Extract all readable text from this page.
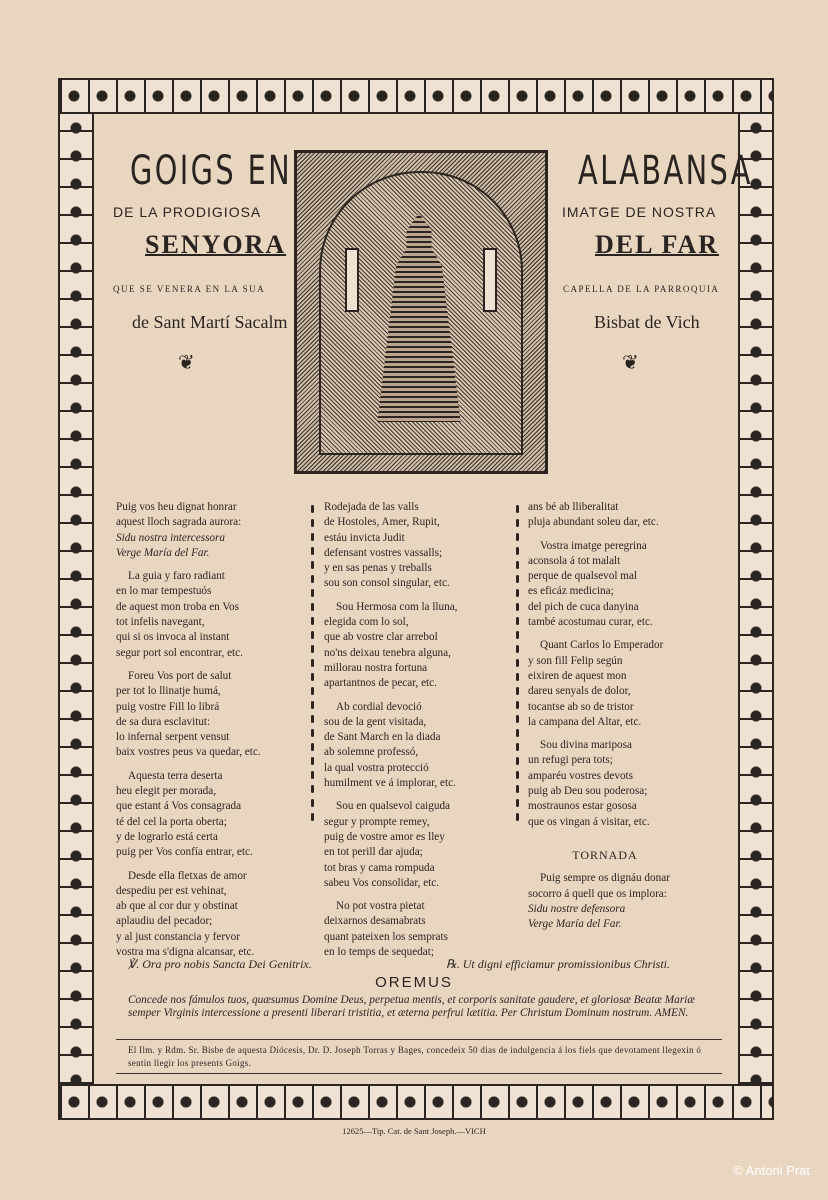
GOIGS EN	ALABANSA
DE LA PRODIGIOSA	IMATGE DE NOSTRA
SENYORA	DEL FAR
QUE SE VENERA EN LA SUA	CAPELLA DE LA PARROQUIA
de Sant Martí Sacalm	Bisbat de Vich
❦	❦

Puig vos heu dignat honrar

aquest lloch sagrada aurora:

Sidu nostra intercessora

Verge María del Far.

La guia y faro radiant

en lo mar tempestuós

de aquest mon troba en Vos

tot infelis navegant,

qui si os invoca al instant

segur port sol encontrar, etc.

Foreu Vos port de salut

per tot lo llinatje humá,

puig vostre Fill lo librá

de sa dura esclavitut:

lo infernal serpent vensut

baix vostres peus va quedar, etc.

Aquesta terra deserta

heu elegit per morada,

que estant á Vos consagrada

té del cel la porta oberta;

y de lograrlo está certa

puig per Vos confía entrar, etc.

Desde ella fletxas de amor

despediu per est vehinat,

ab que al cor dur y obstinat

aplaudiu del pecador;

y al just constancia y fervor

vostra ma s'digna alcansar, etc.

Rodejada de las valls

de Hostoles, Amer, Rupit,

estáu invicta Judit

defensant vostres vassalls;

y en sas penas y treballs

sou son consol singular, etc.

Sou Hermosa com la lluna,

elegida com lo sol,

que ab vostre clar arrebol

no'ns deixau tenebra alguna,

millorau nostra fortuna

apartantnos de pecar, etc.

Ab cordial devoció

sou de la gent visitada,

de Sant March en la diada

ab solemne professó,

la qual vostra protecció

humilment ve á implorar, etc.

Sou en qualsevol caiguda

segur y prompte remey,

puig de vostre amor es lley

en tot perill dar ajuda;

tot bras y cama rompuda

sabeu Vos consolidar, etc.

No pot vostra pietat

deixarnos desamabrats

quant pateixen los semprats

en lo temps de sequedat;

ans bé ab lliberalitat

pluja abundant soleu dar, etc.

Vostra imatge peregrina

aconsola á tot malalt

perque de qualsevol mal

es eficáz medicina;

del pich de cuca danyina

també acostumau curar, etc.

Quant Carlos lo Emperador

y son fill Felip según

eixiren de aquest mon

dareu senyals de dolor,

tocantse ab so de tristor

la campana del Altar, etc.

Sou divina mariposa

un refugi pera tots;

amparéu vostres devots

puig ab Deu sou poderosa;

mostraunos estar gososa

que os vingan á visitar, etc.

TORNADA

Puig sempre os dignáu donar

socorro á quell que os implora:

Sidu nostre defensora

Verge María del Far.

℣. Ora pro nobis Sancta Dei Genitrix.	℞. Ut digni efficiamur promissionibus Christi.
OREMUS
Concede nos fámulos tuos, quæsumus Domine Deus, perpetua mentis, et corporis sanitate gaudere, et gloriosæ Beatæ Mariæ semper Virginis intercessione a presenti liberari tristitia, et æterna perfrui lætitia. Per Christum Dominum nostrum. AMEN.
El Ilm. y Rdm. Sr. Bisbe de aquesta Diócesis, Dr. D. Joseph Torras y Bages, concedeix 50 dias de indulgencia á los fiels que devotament llegexin ó sentin llegir los presents Goigs.
12625—Tip. Cat. de Sant Joseph.—VICH
© Antoni Prat
